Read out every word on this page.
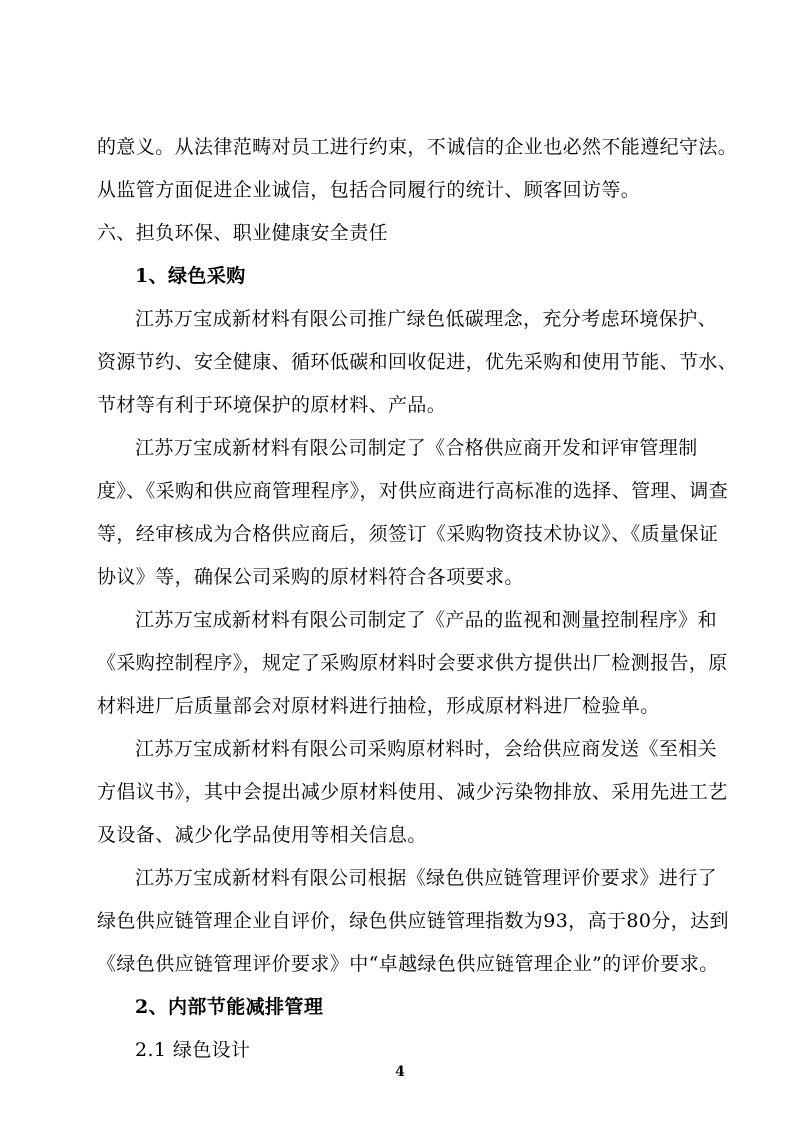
的意义。从法律范畴对员工进行约束，不诚信的企业也必然不能遵纪守法。
从监管方面促进企业诚信，包括合同履行的统计、顾客回访等。
六、担负环保、职业健康安全责任
1、绿色采购
江苏万宝成新材料有限公司推广绿色低碳理念，充分考虑环境保护、
资源节约、安全健康、循环低碳和回收促进，优先采购和使用节能、节水、
节材等有利于环境保护的原材料、产品。
江苏万宝成新材料有限公司制定了《合格供应商开发和评审管理制
度》、《采购和供应商管理程序》，对供应商进行高标准的选择、管理、调查
等，经审核成为合格供应商后，须签订《采购物资技术协议》、《质量保证
协议》等，确保公司采购的原材料符合各项要求。
江苏万宝成新材料有限公司制定了《产品的监视和测量控制程序》和
《采购控制程序》，规定了采购原材料时会要求供方提供出厂检测报告，原
材料进厂后质量部会对原材料进行抽检，形成原材料进厂检验单。
江苏万宝成新材料有限公司采购原材料时，会给供应商发送《至相关
方倡议书》，其中会提出减少原材料使用、减少污染物排放、采用先进工艺
及设备、减少化学品使用等相关信息。
江苏万宝成新材料有限公司根据《绿色供应链管理评价要求》进行了
绿色供应链管理企业自评价，绿色供应链管理指数为93，高于80分，达到
《绿色供应链管理评价要求》中“卓越绿色供应链管理企业”的评价要求。
2、内部节能减排管理
2.1 绿色设计
4
